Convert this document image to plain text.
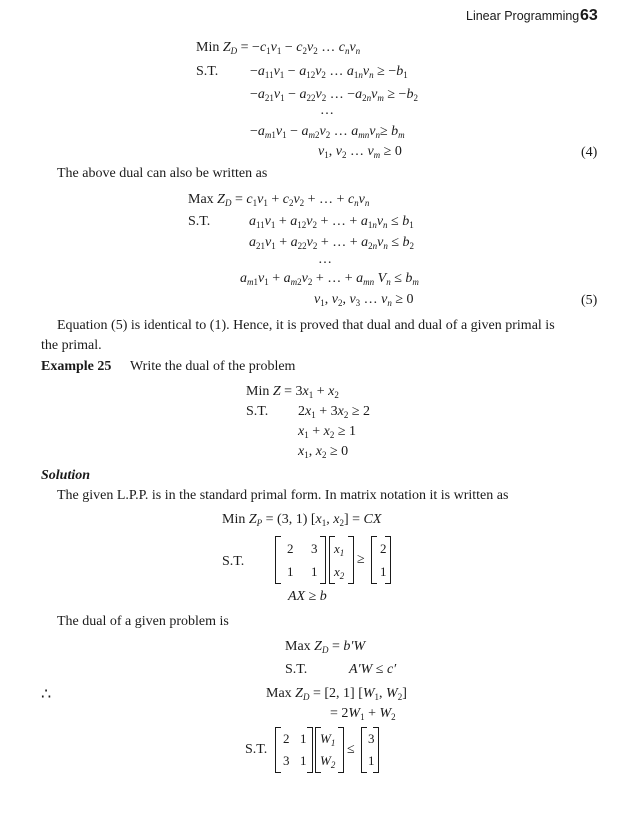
Linear Programming 63
Min $Z_D = -c_1v_1 - c_2v_2$ … $c_nv_n$
S.T. $-a_{11}v_1 - a_{12}v_2$ … $a_{1n}v_n \ge -b_1$
$-a_{21}v_1 - a_{22}v_2$ … $-a_{2n}v_m \ge -b_2$
…
$-a_{m1}v_1 - a_{m2}v_2$ … $a_{mn}v_n\ge b_m$
$v_1$, $v_2$ … $v_m \ge 0$	(4)
The above dual can also be written as
Max $Z_D = c_1v_1 + c_2v_2$ + … + $c_nv_n$
S.T.	$a_{11}v_1 + a_{12}v_2$ + … + $a_{1n}v_n \le b_1$
$a_{21}v_1 + a_{22}v_2$ + … + $a_{2n}v_n \le b_2$
…
$a_{m1}v_1 + a_{m2}v_2$ + … + $a_{mn}$ $V_n \le b_m$
$v_1$, $v_2$, $v_3$ … $v_n \ge 0$	(5)
Equation (5) is identical to (1). Hence, it is proved that dual and dual of a given primal is
the primal.
Example 25 Write the dual of the problem
Min $Z = 3x_1 + x_2$
S.T. $2x_1 + 3x_2 \ge 2$
$x_1 + x_2 \ge 1$
$x_1$, $x_2 \ge 0$
Solution
The given L.P.P. is in the standard primal form. In matrix notation it is written as
Min $Z_P = (3$, 1) [$x_1$, $x_2$] = CX
S.T.
2 3
1 1
$x_1$
$x_2$
≥
2
1
AX ≥ b
The dual of a given problem is
Max $Z_D = b'W$
S.T.	A′W ≤ c′
∴	Max $Z_D = [2$, 1] [$W_1$, $W_2$]
= $2W_1 + W_2$
S.T.
2 1
3 1
$W_1$
$W_2$
≤
3
1
